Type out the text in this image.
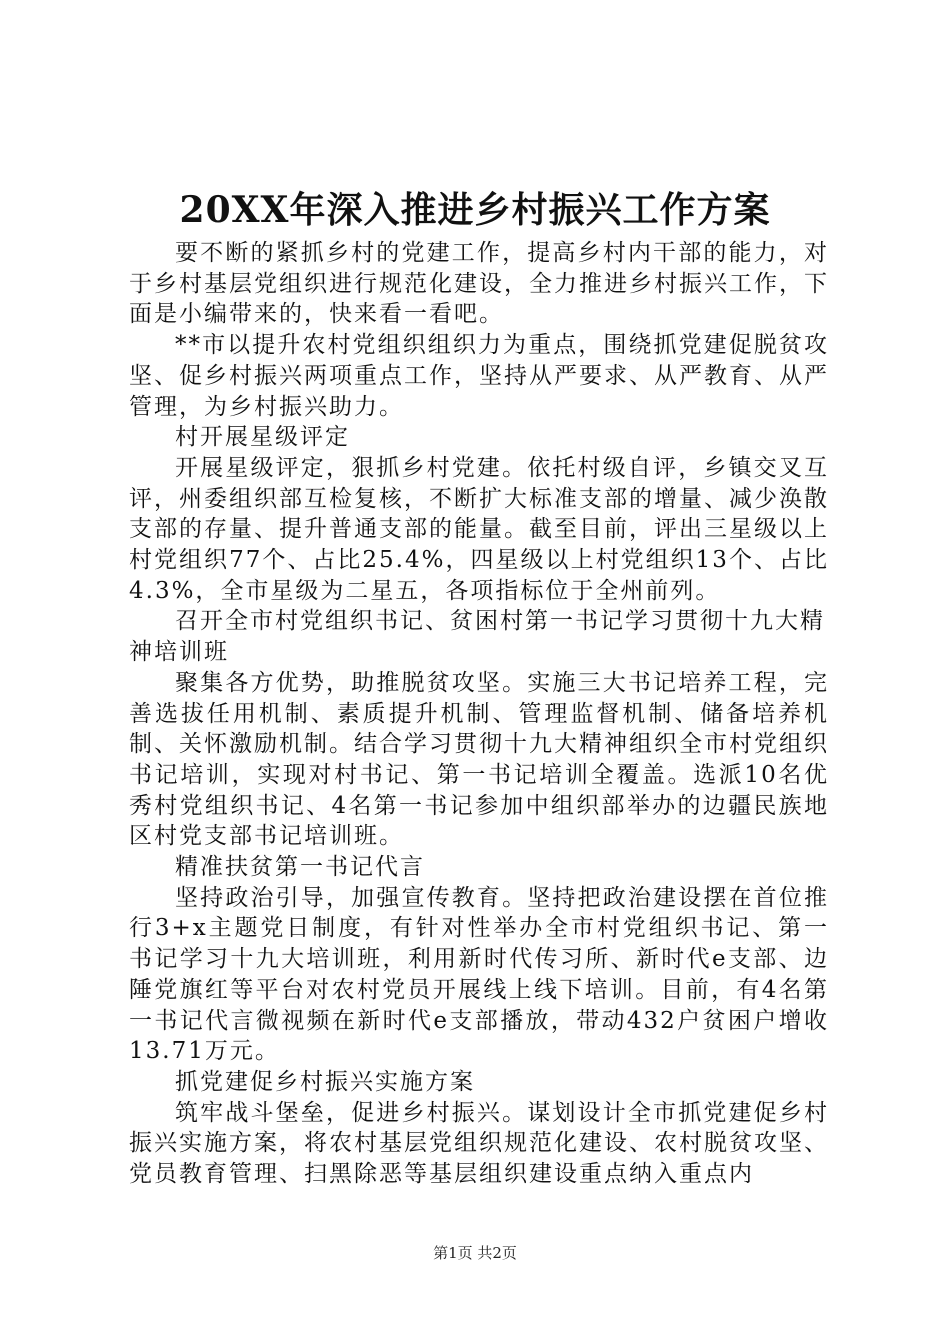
20XX年深入推进乡村振兴工作方案

要不断的紧抓乡村的党建工作，提高乡村内干部的能力，对于乡村基层党组织进行规范化建设，全力推进乡村振兴工作，下面是小编带来的，快来看一看吧。

**市以提升农村党组织组织力为重点，围绕抓党建促脱贫攻坚、促乡村振兴两项重点工作，坚持从严要求、从严教育、从严管理，为乡村振兴助力。

村开展星级评定

开展星级评定，狠抓乡村党建。依托村级自评，乡镇交叉互评，州委组织部互检复核，不断扩大标准支部的增量、减少涣散支部的存量、提升普通支部的能量。截至目前，评出三星级以上村党组织77个、占比25.4%，四星级以上村党组织13个、占比4.3%，全市星级为二星五，各项指标位于全州前列。

召开全市村党组织书记、贫困村第一书记学习贯彻十九大精神培训班

聚集各方优势，助推脱贫攻坚。实施三大书记培养工程，完善选拔任用机制、素质提升机制、管理监督机制、储备培养机制、关怀激励机制。结合学习贯彻十九大精神组织全市村党组织书记培训，实现对村书记、第一书记培训全覆盖。选派10名优秀村党组织书记、4名第一书记参加中组织部举办的边疆民族地区村党支部书记培训班。

精准扶贫第一书记代言

坚持政治引导，加强宣传教育。坚持把政治建设摆在首位推行3+x主题党日制度，有针对性举办全市村党组织书记、第一书记学习十九大培训班，利用新时代传习所、新时代e支部、边陲党旗红等平台对农村党员开展线上线下培训。目前，有4名第一书记代言微视频在新时代e支部播放，带动432户贫困户增收13.71万元。

抓党建促乡村振兴实施方案

筑牢战斗堡垒，促进乡村振兴。谋划设计全市抓党建促乡村振兴实施方案，将农村基层党组织规范化建设、农村脱贫攻坚、党员教育管理、扫黑除恶等基层组织建设重点纳入重点内

第1页 共2页
